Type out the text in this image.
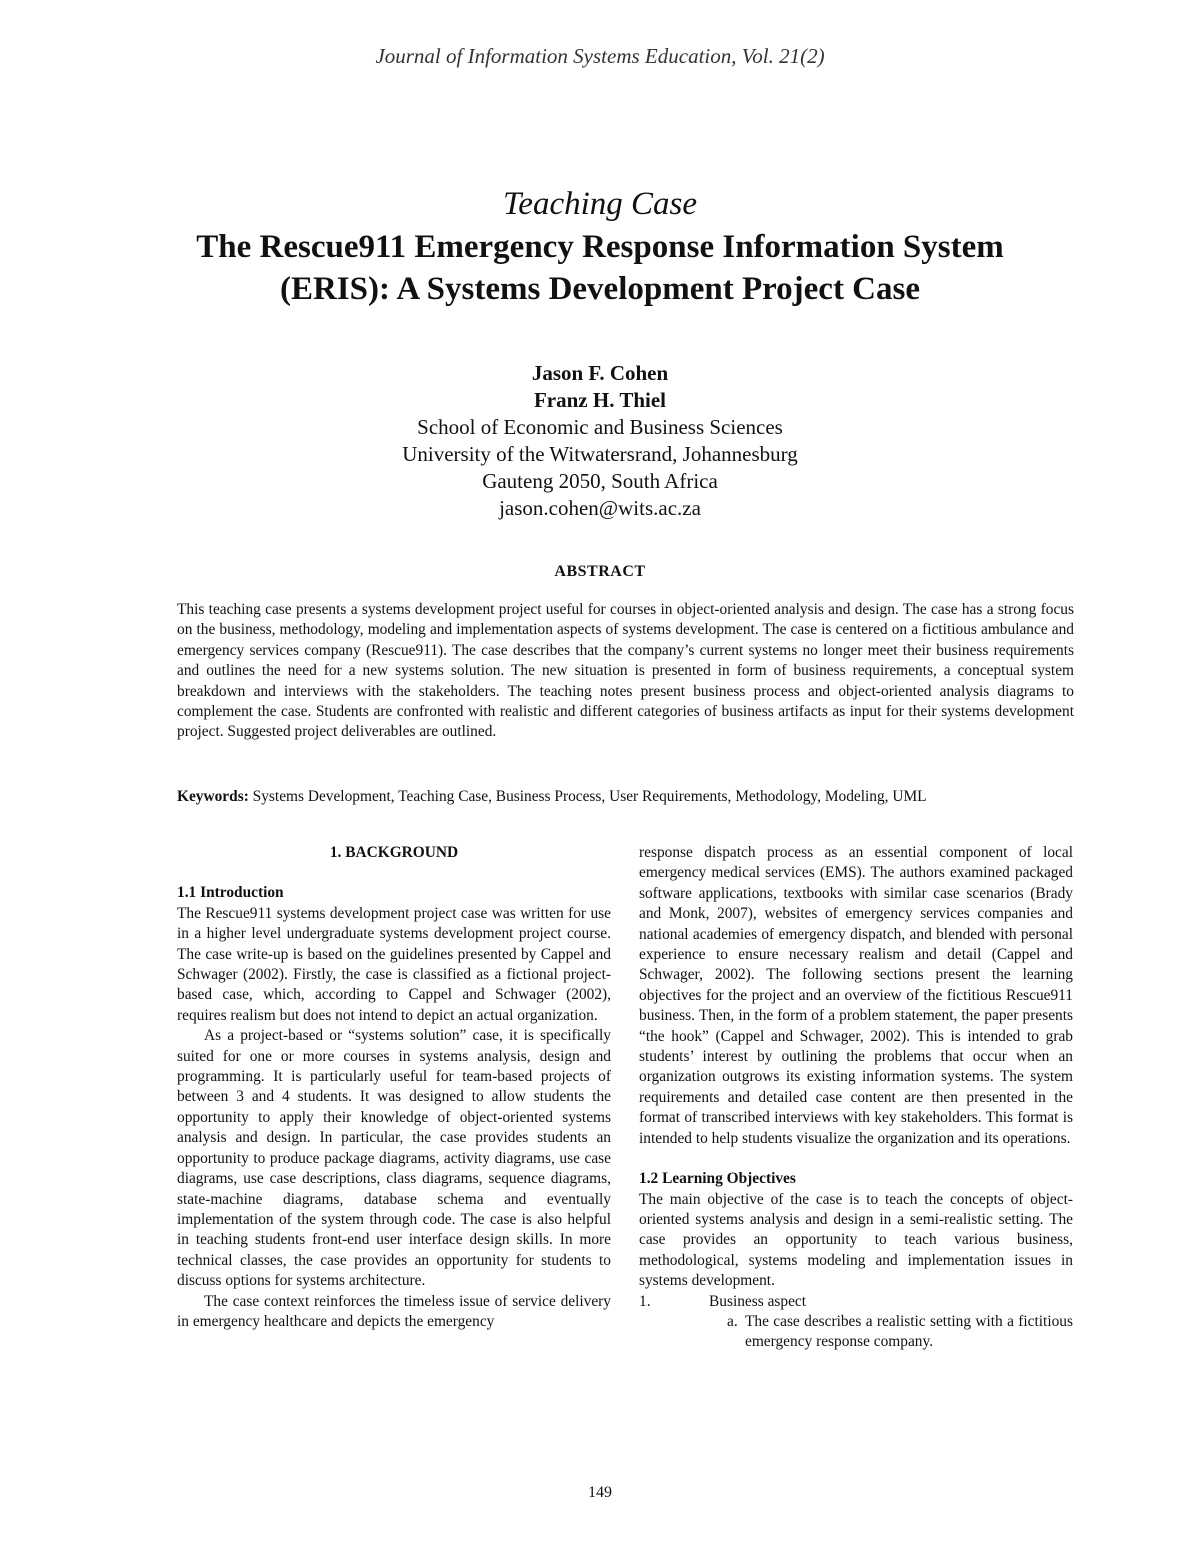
Journal of Information Systems Education, Vol. 21(2)
Teaching Case
The Rescue911 Emergency Response Information System
(ERIS): A Systems Development Project Case
Jason F. Cohen
Franz H. Thiel
School of Economic and Business Sciences
University of the Witwatersrand, Johannesburg
Gauteng 2050, South Africa
jason.cohen@wits.ac.za
ABSTRACT

This teaching case presents a systems development project useful for courses in object-oriented analysis and design. The case has a strong focus on the business, methodology, modeling and implementation aspects of systems development. The case is centered on a fictitious ambulance and emergency services company (Rescue911). The case describes that the company’s current systems no longer meet their business requirements and outlines the need for a new systems solution. The new situation is presented in form of business requirements, a conceptual system breakdown and interviews with the stakeholders. The teaching notes present business process and object-oriented analysis diagrams to complement the case. Students are confronted with realistic and different categories of business artifacts as input for their systems development project. Suggested project deliverables are outlined.

Keywords: Systems Development, Teaching Case, Business Process, User Requirements, Methodology, Modeling, UML

1. BACKGROUND
1.1 Introduction

The Rescue911 systems development project case was written for use in a higher level undergraduate systems development project course. The case write-up is based on the guidelines presented by Cappel and Schwager (2002). Firstly, the case is classified as a fictional project-based case, which, according to Cappel and Schwager (2002), requires realism but does not intend to depict an actual organization.

As a project-based or “systems solution” case, it is specifically suited for one or more courses in systems analysis, design and programming. It is particularly useful for team-based projects of between 3 and 4 students. It was designed to allow students the opportunity to apply their knowledge of object-oriented systems analysis and design. In particular, the case provides students an opportunity to produce package diagrams, activity diagrams, use case diagrams, use case descriptions, class diagrams, sequence diagrams, state-machine diagrams, database schema and eventually implementation of the system through code. The case is also helpful in teaching students front-end user interface design skills. In more technical classes, the case provides an opportunity for students to discuss options for systems architecture.

The case context reinforces the timeless issue of service delivery in emergency healthcare and depicts the emergency

response dispatch process as an essential component of local emergency medical services (EMS). The authors examined packaged software applications, textbooks with similar case scenarios (Brady and Monk, 2007), websites of emergency services companies and national academies of emergency dispatch, and blended with personal experience to ensure necessary realism and detail (Cappel and Schwager, 2002). The following sections present the learning objectives for the project and an overview of the fictitious Rescue911 business. Then, in the form of a problem statement, the paper presents “the hook” (Cappel and Schwager, 2002). This is intended to grab students’ interest by outlining the problems that occur when an organization outgrows its existing information systems. The system requirements and detailed case content are then presented in the format of transcribed interviews with key stakeholders. This format is intended to help students visualize the organization and its operations.

1.2 Learning Objectives

The main objective of the case is to teach the concepts of object-oriented systems analysis and design in a semi-realistic setting. The case provides an opportunity to teach various business, methodological, systems modeling and implementation issues in systems development.

1.	Business aspect

a. The case describes a realistic setting with a fictitious emergency response company.

149
